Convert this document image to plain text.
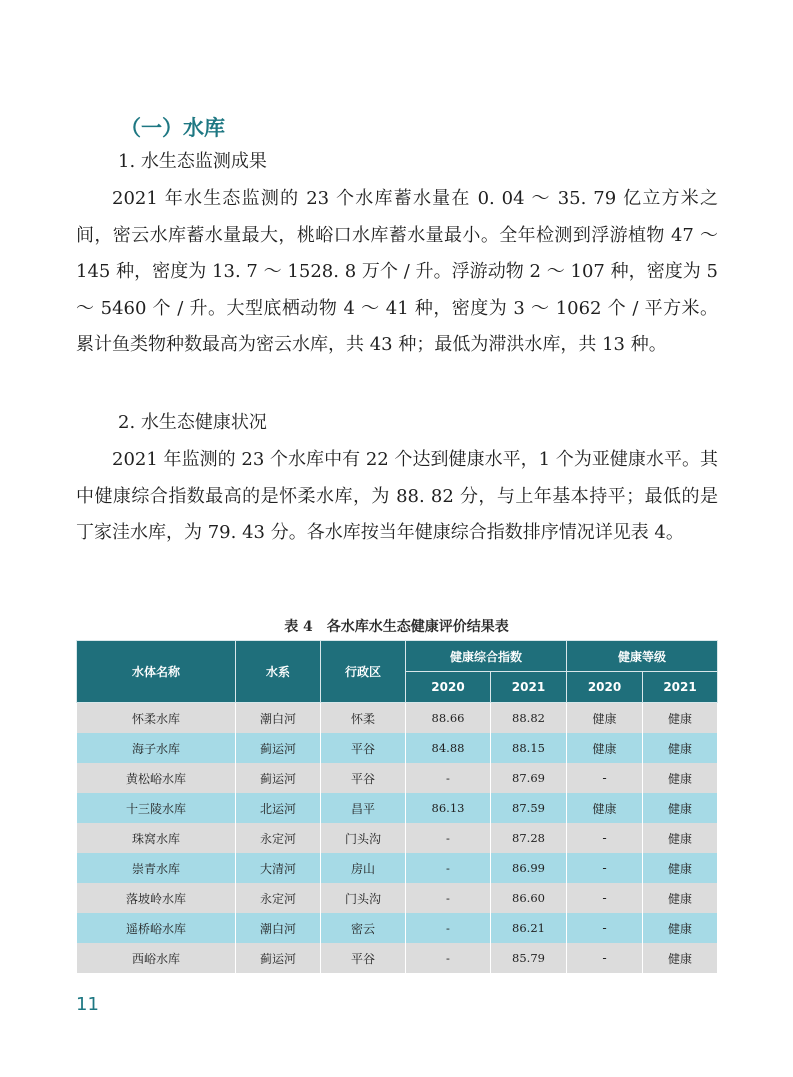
（一）水库

1. 水生态监测成果

2021 年水生态监测的 23 个水库蓄水量在 0. 04 ～ 35. 79 亿立方米之间，密云水库蓄水量最大，桃峪口水库蓄水量最小。全年检测到浮游植物 47 ～ 145 种，密度为 13. 7 ～ 1528. 8 万个 / 升。浮游动物 2 ～ 107 种，密度为 5 ～ 5460 个 / 升。大型底栖动物 4 ～ 41 种，密度为 3 ～ 1062 个 / 平方米。累计鱼类物种数最高为密云水库，共 43 种；最低为滞洪水库，共 13 种。

2. 水生态健康状况

2021 年监测的 23 个水库中有 22 个达到健康水平，1 个为亚健康水平。其中健康综合指数最高的是怀柔水库，为 88. 82 分，与上年基本持平；最低的是丁家洼水库，为 79. 43 分。各水库按当年健康综合指数排序情况详见表 4。

表 4　各水库水生态健康评价结果表

水体名称	水系	行政区	健康综合指数		健康等级	
			2020	2021	2020	2021
怀柔水库	潮白河	怀柔	88.66	88.82	健康	健康
海子水库	蓟运河	平谷	84.88	88.15	健康	健康
黄松峪水库	蓟运河	平谷	-	87.69	-	健康
十三陵水库	北运河	昌平	86.13	87.59	健康	健康
珠窝水库	永定河	门头沟	-	87.28	-	健康
崇青水库	大清河	房山	-	86.99	-	健康
落坡岭水库	永定河	门头沟	-	86.60	-	健康
遥桥峪水库	潮白河	密云	-	86.21	-	健康
西峪水库	蓟运河	平谷	-	85.79	-	健康

11
